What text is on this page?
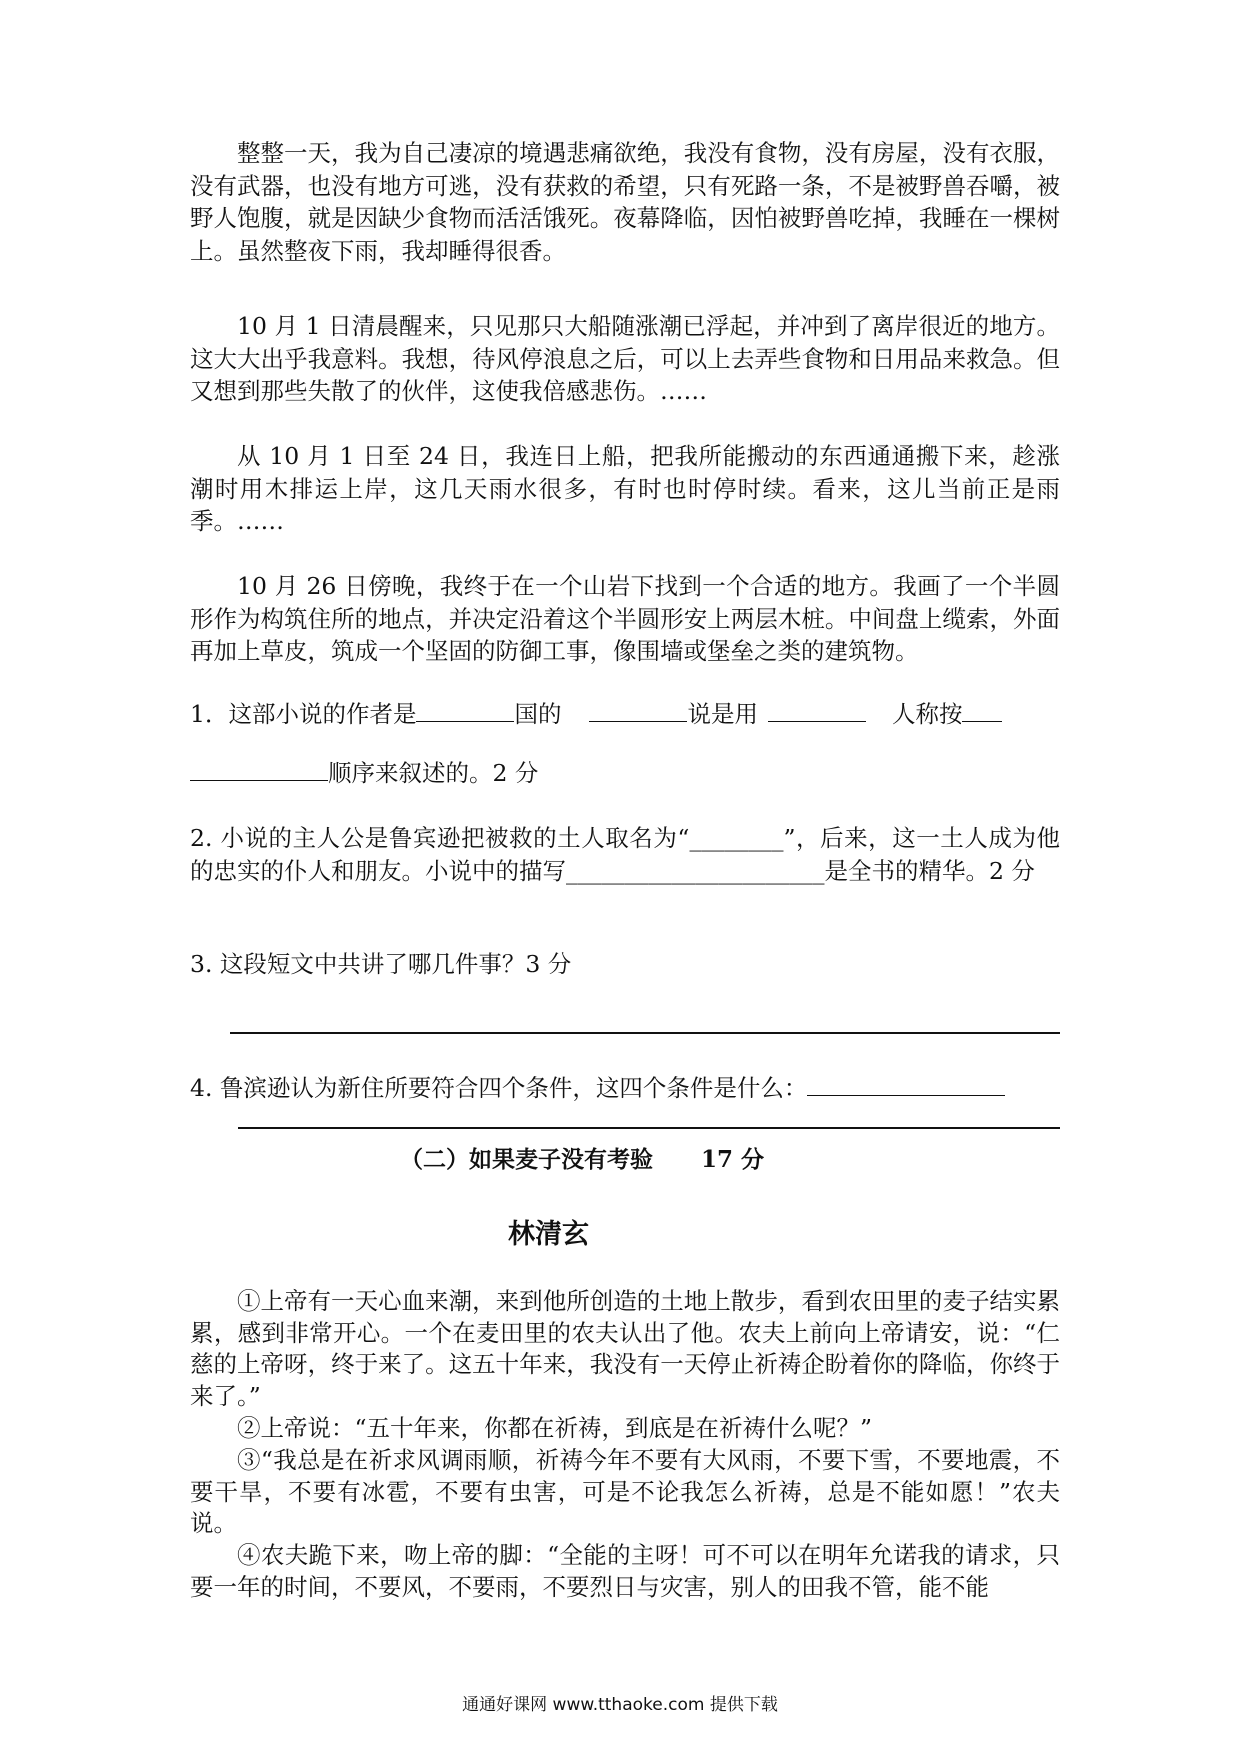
整整一天，我为自己凄凉的境遇悲痛欲绝，我没有食物，没有房屋，没有衣服，没有武器，也没有地方可逃，没有获救的希望，只有死路一条，不是被野兽吞嚼，被野人饱腹，就是因缺少食物而活活饿死。夜幕降临，因怕被野兽吃掉，我睡在一棵树上。虽然整夜下雨，我却睡得很香。

10 月 1 日清晨醒来，只见那只大船随涨潮已浮起，并冲到了离岸很近的地方。这大大出乎我意料。我想，待风停浪息之后，可以上去弄些食物和日用品来救急。但又想到那些失散了的伙伴，这使我倍感悲伤。……

从 10 月 1 日至 24 日，我连日上船，把我所能搬动的东西通通搬下来，趁涨潮时用木排运上岸，这几天雨水很多，有时也时停时续。看来，这儿当前正是雨季。……

10 月 26 日傍晚，我终于在一个山岩下找到一个合适的地方。我画了一个半圆形作为构筑住所的地点，并决定沿着这个半圆形安上两层木桩。中间盘上缆索，外面再加上草皮，筑成一个坚固的防御工事，像围墙或堡垒之类的建筑物。

1．这部小说的作者是	国的	说是用	人称按
顺序来叙述的。2 分

2. 小说的主人公是鲁宾逊把被救的土人取名为“________”，后来，这一土人成为他的忠实的仆人和朋友。小说中的描写______________________是全书的精华。2 分

3. 这段短文中共讲了哪几件事？3 分

4. 鲁滨逊认为新住所要符合四个条件，这四个条件是什么：
（二）如果麦子没有考验 17 分
林清玄

①上帝有一天心血来潮，来到他所创造的土地上散步，看到农田里的麦子结实累累，感到非常开心。一个在麦田里的农夫认出了他。农夫上前向上帝请安，说：“仁慈的上帝呀，终于来了。这五十年来，我没有一天停止祈祷企盼着你的降临，你终于来了。”

②上帝说：“五十年来，你都在祈祷，到底是在祈祷什么呢？”

③“我总是在祈求风调雨顺，祈祷今年不要有大风雨，不要下雪，不要地震，不要干旱，不要有冰雹，不要有虫害，可是不论我怎么祈祷，总是不能如愿！”农夫说。

④农夫跪下来，吻上帝的脚：“全能的主呀！可不可以在明年允诺我的请求，只要一年的时间，不要风，不要雨，不要烈日与灾害，别人的田我不管，能不能

通通好课网 www.tthaoke.com 提供下载
